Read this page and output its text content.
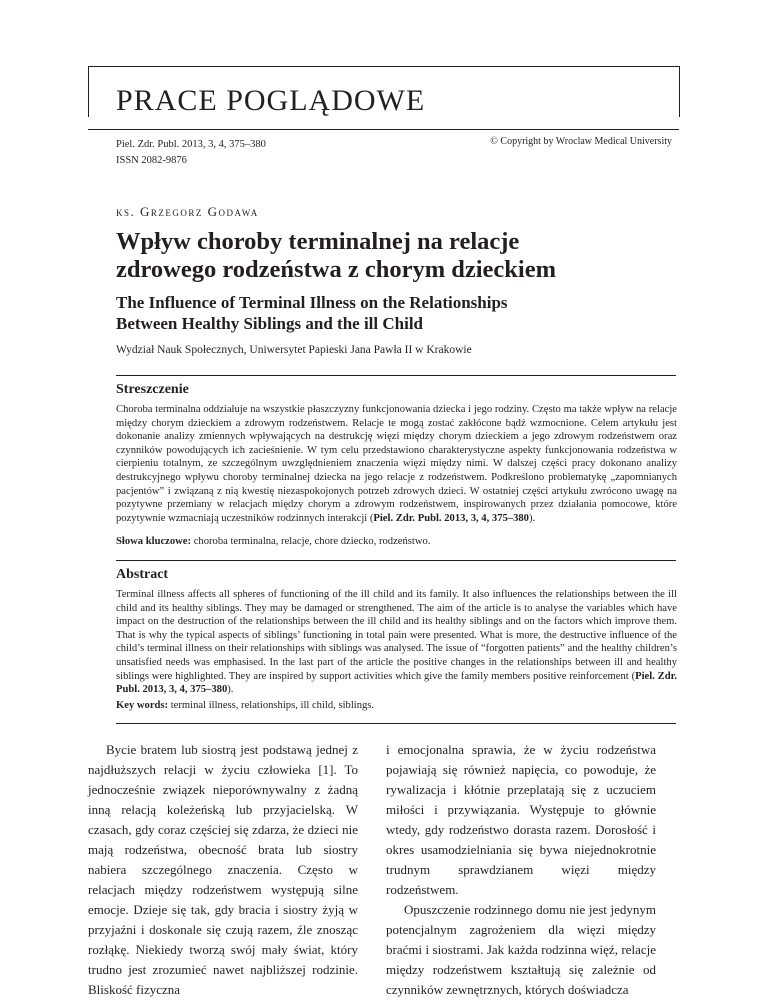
PRACE POGLĄDOWE
Piel. Zdr. Publ. 2013, 3, 4, 375–380
ISSN 2082-9876
© Copyright by Wroclaw Medical University
ks. Grzegorz Godawa
Wpływ choroby terminalnej na relacje
zdrowego rodzeństwa z chorym dzieckiem
The Influence of Terminal Illness on the Relationships
Between Healthy Siblings and the ill Child
Wydział Nauk Społecznych, Uniwersytet Papieski Jana Pawła II w Krakowie
Streszczenie
Choroba terminalna oddziałuje na wszystkie płaszczyzny funkcjonowania dziecka i jego rodziny. Często ma także wpływ na relacje między chorym dzieckiem a zdrowym rodzeństwem. Relacje te mogą zostać zakłócone bądź wzmocnione. Celem artykułu jest dokonanie analizy zmiennych wpływających na destrukcję więzi między chorym dzieckiem a jego zdrowym rodzeństwem oraz czynników powodujących ich zacieśnienie. W tym celu przedstawiono charakterystyczne aspekty funkcjonowania rodzeństwa w cierpieniu totalnym, ze szczególnym uwzględnieniem znaczenia więzi między nimi. W dalszej części pracy dokonano analizy destrukcyjnego wpływu choroby terminalnej dziecka na jego relacje z rodzeństwem. Podkreślono problematykę „zapomnianych pacjentów” i związaną z nią kwestię niezaspokojonych potrzeb zdrowych dzieci. W ostatniej części artykułu zwrócono uwagę na pozytywne przemiany w relacjach między chorym a zdrowym rodzeństwem, inspirowanych przez działania pomocowe, które pozytywnie wzmacniają uczestników rodzinnych interakcji (Piel. Zdr. Publ. 2013, 3, 4, 375–380).
Słowa kluczowe: choroba terminalna, relacje, chore dziecko, rodzeństwo.
Abstract
Terminal illness affects all spheres of functioning of the ill child and its family. It also influences the relationships between the ill child and its healthy siblings. They may be damaged or strengthened. The aim of the article is to analyse the variables which have impact on the destruction of the relationships between the ill child and its healthy siblings and on the factors which improve them. That is why the typical aspects of siblings’ functioning in total pain were presented. What is more, the destructive influence of the child’s terminal illness on their relationships with siblings was analysed. The issue of “forgotten patients” and the healthy children’s unsatisfied needs was emphasised. In the last part of the article the positive changes in the relationships between ill and healthy siblings were highlighted. They are inspired by support activities which give the family members positive reinforcement (Piel. Zdr. Publ. 2013, 3, 4, 375–380).
Key words: terminal illness, relationships, ill child, siblings.

Bycie bratem lub siostrą jest podstawą jednej z najdłuższych relacji w życiu człowieka [1]. To jednocześnie związek nieporównywalny z żadną inną relacją koleżeńską lub przyjacielską. W czasach, gdy coraz częściej się zdarza, że dzieci nie mają rodzeństwa, obecność brata lub siostry nabiera szczególnego znaczenia. Często w relacjach między rodzeństwem występują silne emocje. Dzieje się tak, gdy bracia i siostry żyją w przyjaźni i doskonale się czują razem, źle znosząc rozłąkę. Niekiedy tworzą swój mały świat, który trudno jest zrozumieć nawet najbliższej rodzinie. Bliskość fizyczna

i emocjonalna sprawia, że w życiu rodzeństwa pojawiają się również napięcia, co powoduje, że rywalizacja i kłótnie przeplatają się z uczuciem miłości i przywiązania. Występuje to głównie wtedy, gdy rodzeństwo dorasta razem. Dorosłość i okres usamodzielniania się bywa niejednokrotnie trudnym sprawdzianem więzi między rodzeństwem.

Opuszczenie rodzinnego domu nie jest jedynym potencjalnym zagrożeniem dla więzi między braćmi i siostrami. Jak każda rodzinna więź, relacje między rodzeństwem kształtują się zależnie od czynników zewnętrznych, których doświadcza
